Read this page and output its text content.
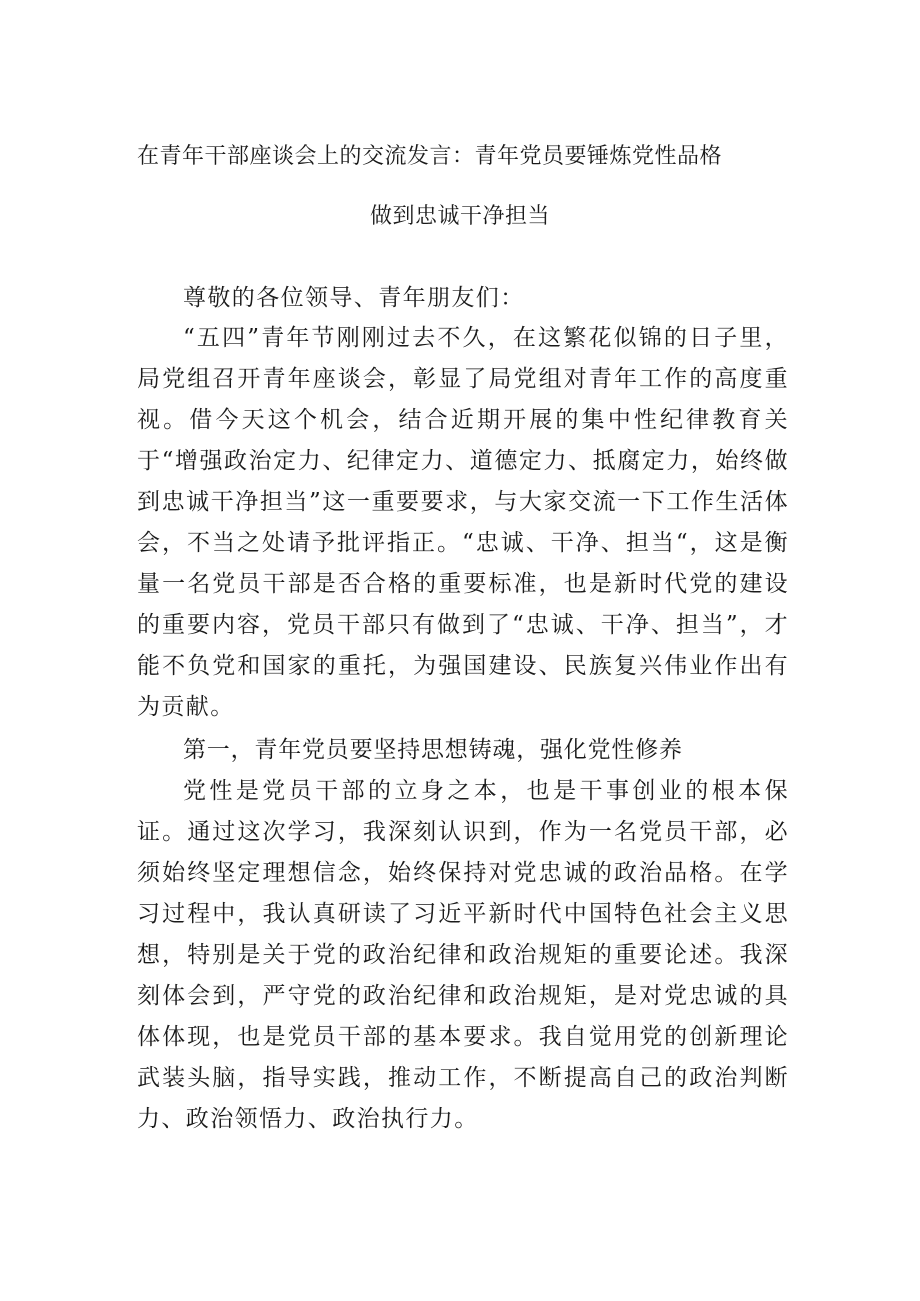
在青年干部座谈会上的交流发言：青年党员要锤炼党性品格
做到忠诚干净担当

尊敬的各位领导、青年朋友们：

“五四”青年节刚刚过去不久，在这繁花似锦的日子里，局党组召开青年座谈会，彰显了局党组对青年工作的高度重视。借今天这个机会，结合近期开展的集中性纪律教育关于“增强政治定力、纪律定力、道德定力、抵腐定力，始终做到忠诚干净担当”这一重要要求，与大家交流一下工作生活体会，不当之处请予批评指正。“忠诚、干净、担当“，这是衡量一名党员干部是否合格的重要标准，也是新时代党的建设的重要内容，党员干部只有做到了“忠诚、干净、担当”，才能不负党和国家的重托，为强国建设、民族复兴伟业作出有为贡献。

第一，青年党员要坚持思想铸魂，强化党性修养

党性是党员干部的立身之本，也是干事创业的根本保证。通过这次学习，我深刻认识到，作为一名党员干部，必须始终坚定理想信念，始终保持对党忠诚的政治品格。在学习过程中，我认真研读了习近平新时代中国特色社会主义思想，特别是关于党的政治纪律和政治规矩的重要论述。我深刻体会到，严守党的政治纪律和政治规矩，是对党忠诚的具体体现，也是党员干部的基本要求。我自觉用党的创新理论武装头脑，指导实践，推动工作，不断提高自己的政治判断力、政治领悟力、政治执行力。
